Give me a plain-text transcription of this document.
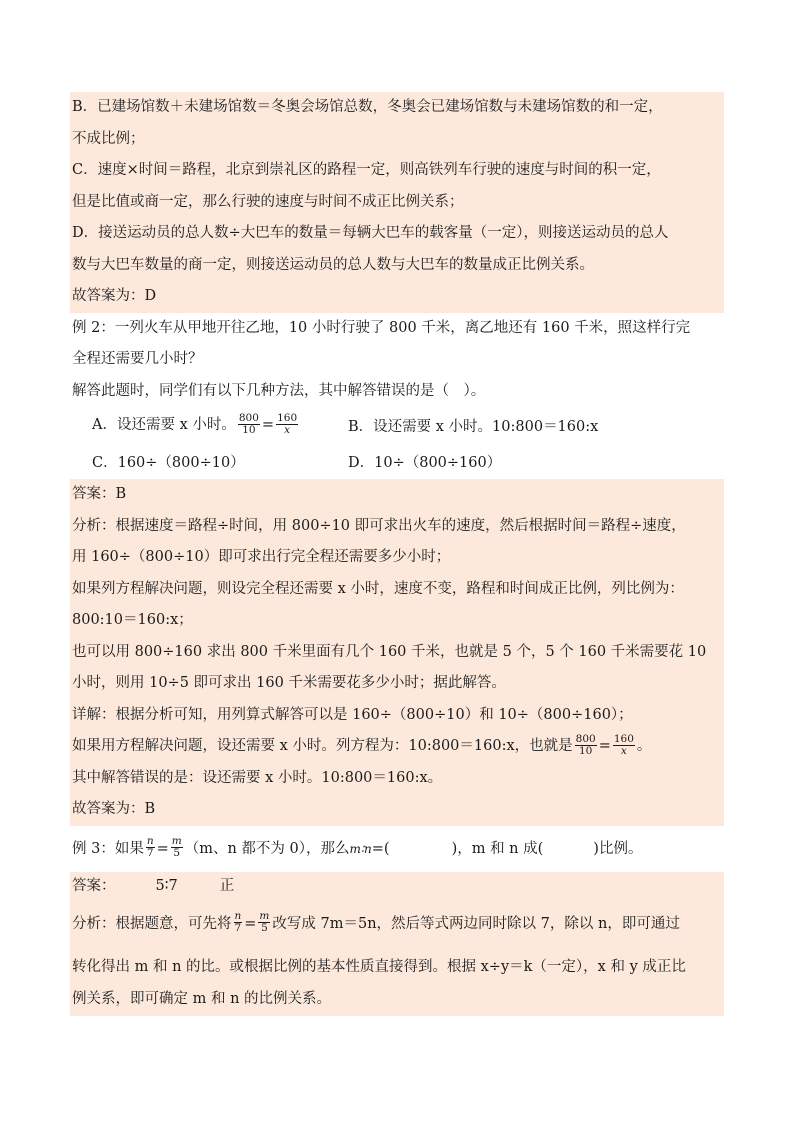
B．已建场馆数＋未建场馆数＝冬奥会场馆总数，冬奥会已建场馆数与未建场馆数的和一定，
不成比例；
C．速度×时间＝路程，北京到崇礼区的路程一定，则高铁列车行驶的速度与时间的积一定，
但是比值或商一定，那么行驶的速度与时间不成正比例关系；
D．接送运动员的总人数÷大巴车的数量＝每辆大巴车的载客量（一定），则接送运动员的总人
数与大巴车数量的商一定，则接送运动员的总人数与大巴车的数量成正比例关系。
故答案为：D
例 2：一列火车从甲地开往乙地，10 小时行驶了 800 千米，离乙地还有 160 千米，照这样行完
全程还需要几小时？
解答此题时，同学们有以下几种方法，其中解答错误的是（　）。
A．设还需要 x 小时。 $\frac{800}{10} = \frac{160}{x}$	B．设还需要 x 小时。10:800＝160:x
C．160÷（800÷10）	D．10÷（800÷160）
答案：B
分析：根据速度＝路程÷时间，用 800÷10 即可求出火车的速度，然后根据时间＝路程÷速度，
用 160÷（800÷10）即可求出行完全程还需要多少小时；
如果列方程解决问题，则设完全程还需要 x 小时，速度不变，路程和时间成正比例，列比例为：
800:10＝160:x；
也可以用 800÷160 求出 800 千米里面有几个 160 千米，也就是 5 个，5 个 160 千米需要花 10
小时，则用 10÷5 即可求出 160 千米需要花多少小时；据此解答。
详解：根据分析可知，用列算式解答可以是 160÷（800÷10）和 10÷（800÷160）；
如果用方程解决问题，设还需要 x 小时。列方程为：10:800＝160:x，也就是 $\frac{800}{10} = \frac{160}{x}$ 。
其中解答错误的是：设还需要 x 小时。10:800＝160:x。
故答案为：B
例 3：如果 $\frac{n}{7} = \frac{m}{5} (m$、n 都不为 0），那么m∶n=(	)，m 和 n 成(	)比例。
答案：	5∶7	正
分析：根据题意，可先将 $\frac{n}{7} = \frac{m}{5}$ 改写成 7m＝5n，然后等式两边同时除以 7，除以 n，即可通过
转化得出 m 和 n 的比。或根据比例的基本性质直接得到。根据 x÷y＝k（一定），x 和 y 成正比
例关系，即可确定 m 和 n 的比例关系。
